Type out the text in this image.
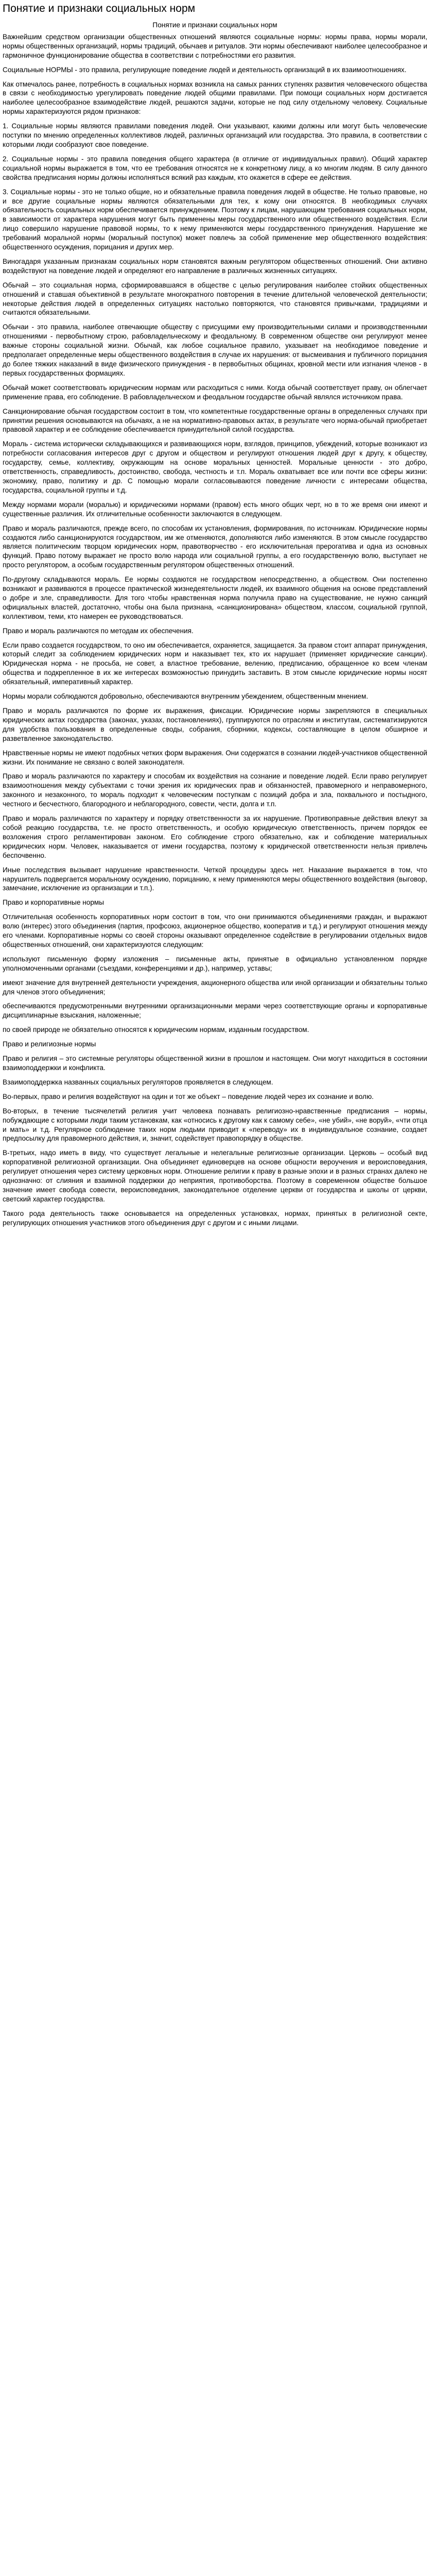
Понятие и признаки социальных норм
Понятие и признаки социальных норм

Важнейшим средством организации общественных отношений являются социальные нормы: нормы права, нормы морали, нормы общественных организаций, нормы традиций, обычаев и ритуалов. Эти нормы обеспечивают наиболее целесообразное и гармоничное функционирование общества в соответствии с потребностями его развития.

Социальные НОРМЫ - это правила, регулирующие поведение людей и деятельность организаций в их взаимоотношениях.

Как отмечалось ранее, потребность в социальных нормах возникла на самых ранних ступенях развития человеческого общества в связи с необходимостью урегулировать поведение людей общими правилами. При помощи социальных норм достигается наиболее целесообразное взаимодействие людей, решаются задачи, которые не под силу отдельному человеку. Социальные нормы характеризуются рядом признаков:

1. Социальные нормы являются правилами поведения людей. Они указывают, какими должны или могут быть человеческие поступки по мнению определенных коллективов людей, различных организаций или государства. Это правила, в соответствии с которыми люди сообразуют свое поведение.

2. Социальные нормы - это правила поведения общего характера (в отличие от индивидуальных правил). Общий характер социальной нормы выражается в том, что ее требования относятся не к конкретному лицу, а ко многим людям. В силу данного свойства предписания нормы должны исполняться всякий раз каждым, кто окажется в сфере ее действия.

3. Социальные нормы - это не только общие, но и обязательные правила поведения людей в обществе. Не только правовые, но и все другие социальные нормы являются обязательными для тех, к кому они относятся. В необходимых случаях обязательность социальных норм обеспечивается принуждением. Поэтому к лицам, нарушающим требования социальных норм, в зависимости от характера нарушения могут быть применены меры государственного или общественного воздействия. Если лицо совершило нарушение правовой нормы, то к нему применяются меры государственного принуждения. Нарушение же требований моральной нормы (моральный поступок) может повлечь за собой применение мер общественного воздействия: общественного осуждения, порицания и других мер.

Виногадаря указанным признакам социальных норм становятся важным регулятором общественных отношений. Они активно воздействуют на поведение людей и определяют его направление в различных жизненных ситуациях.

Обычай – это социальная норма, сформировавшаяся в обществе с целью регулирования наиболее стойких общественных отношений и ставшая объективной в результате многократного повторения в течение длительной человеческой деятельности; некоторые действия людей в определенных ситуациях настолько повторяются, что становятся привычками, традициями и считаются обязательными.

Обычаи - это правила, наиболее отвечающие обществу с присущими ему производительными силами и производственными отношениями - первобытному строю, рабовладельческому и феодальному. В современном обществе они регулируют менее важные стороны социальной жизни. Обычай, как любое социальное правило, указывает на необходимое поведение и предполагает определенные меры общественного воздействия в случае их нарушения: от высмеивания и публичного порицания до более тяжких наказаний в виде физического принуждения - в первобытных общинах, кровной мести или изгнания членов - в первых государственных формациях.

Обычай может соответствовать юридическим нормам или расходиться с ними. Когда обычай соответствует праву, он облегчает применение права, его соблюдение. В рабовладельческом и феодальном государстве обычай являлся источником права.

Санкционирование обычая государством состоит в том, что компетентные государственные органы в определенных случаях при принятии решения основываются на обычаях, а не на нормативно-правовых актах, в результате чего норма-обычай приобретает правовой характер и ее соблюдение обеспечивается принудительной силой государства.

Мораль - система исторически складывающихся и развивающихся норм, взглядов, принципов, убеждений, которые возникают из потребности согласования интересов друг с другом и обществом и регулируют отношения людей друг к другу, к обществу, государству, семье, коллективу, окружающим на основе моральных ценностей. Моральные ценности - это добро, ответственность, справедливость, достоинство, свобода, честность и т.п. Мораль охватывает все или почти все сферы жизни: экономику, право, политику и др. С помощью морали согласовываются поведение личности с интересами общества, государства, социальной группы и т.д.

Между нормами морали (моралью) и юридическими нормами (правом) есть много общих черт, но в то же время они имеют и существенные различия. Их отличительные особенности заключаются в следующем.

Право и мораль различаются, прежде всего, по способам их установления, формирования, по источникам. Юридические нормы создаются либо санкционируются государством, им же отменяются, дополняются либо изменяются. В этом смысле государство является политическим творцом юридических норм, правотворчество - его исключительная прерогатива и одна из основных функций. Право потому выражает не просто волю народа или социальной группы, а его государственную волю, выступает не просто регулятором, а особым государственным регулятором общественных отношений.

По-другому складываются мораль. Ее нормы создаются не государством непосредственно, а обществом. Они постепенно возникают и развиваются в процессе практической жизнедеятельности людей, их взаимного общения на основе представлений о добре и зле, справедливости. Для того чтобы нравственная норма получила право на существование, не нужно санкций официальных властей, достаточно, чтобы она была признана, «санкционирована» обществом, классом, социальной группой, коллективом, теми, кто намерен ее руководствоваться.

Право и мораль различаются по методам их обеспечения.

Если право создается государством, то оно им обеспечивается, охраняется, защищается. За правом стоит аппарат принуждения, который следит за соблюдением юридических норм и наказывает тех, кто их нарушает (применяет юридические санкции). Юридическая норма - не просьба, не совет, а властное требование, велению, предписанию, обращенное ко всем членам общества и подкрепленное в их же интересах возможностью принудить заставить. В этом смысле юридические нормы носят обязательный, императивный характер.

Нормы морали соблюдаются добровольно, обеспечиваются внутренним убеждением, общественным мнением.

Право и мораль различаются по форме их выражения, фиксации. Юридические нормы закрепляются в специальных юридических актах государства (законах, указах, постановлениях), группируются по отраслям и институтам, систематизируются для удобства пользования в определенные своды, собрания, сборники, кодексы, составляющие в целом обширное и разветвленное законодательство.

Нравственные нормы не имеют подобных четких форм выражения. Они содержатся в сознании людей-участников общественной жизни. Их понимание не связано с волей законодателя.

Право и мораль различаются по характеру и способам их воздействия на сознание и поведение людей. Если право регулирует взаимоотношения между субъектами с точки зрения их юридических прав и обязанностей, правомерного и неправомерного, законного и незаконного, то мораль подходит к человеческим поступкам с позиций добра и зла, похвального и постыдного, честного и бесчестного, благородного и неблагородного, совести, чести, долга и т.п.

Право и мораль различаются по характеру и порядку ответственности за их нарушение. Противоправные действия влекут за собой реакцию государства, т.е. не просто ответственность, и особую юридическую ответственность, причем порядок ее возложения строго регламентирован законом. Его соблюдение строго обязательно, как и соблюдение материальных юридических норм. Человек, наказывается от имени государства, поэтому к юридической ответственности нельзя привлечь беспочвенно.

Иные последствия вызывает нарушение нравственности. Четкой процедуры здесь нет. Наказание выражается в том, что нарушитель подвергается моральному осуждению, порицанию, к нему применяются меры общественного воздействия (выговор, замечание, исключение из организации и т.п.).

Право и корпоративные нормы

Отличительная особенность корпоративных норм состоит в том, что они принимаются объединениями граждан, и выражают волю (интерес) этого объединения (партия, профсоюз, акционерное общество, кооператив и т.д.) и регулируют отношения между его членами. Корпоративные нормы со своей стороны оказывают определенное содействие в регулировании отдельных видов общественных отношений, они характеризуются следующим:

используют письменную форму изложения – письменные акты, принятые в официально установленном порядке уполномоченными органами (съездами, конференциями и др.), например, уставы;

имеют значение для внутренней деятельности учреждения, акционерного общества или иной организации и обязательны только для членов этого объединения;

обеспечиваются предусмотренными внутренними организационными мерами через соответствующие органы и корпоративные дисциплинарные взыскания, наложенные;

по своей природе не обязательно относятся к юридическим нормам, изданным государством.

Право и религиозные нормы

Право и религия – это системные регуляторы общественной жизни в прошлом и настоящем. Они могут находиться в состоянии взаимоподдержки и конфликта.

Взаимоподдержка названных социальных регуляторов проявляется в следующем.

Во-первых, право и религия воздействуют на один и тот же объект – поведение людей через их сознание и волю.

Во-вторых, в течение тысячелетий религия учит человека познавать религиозно-нравственные предписания – нормы, побуждающие с которыми люди таким установкам, как «относись к другому как к самому себе», «не убий», «не воруй», «чти отца и мать» и т.д. Регулярное соблюдение таких норм людьми приводит к «переводу» их в индивидуальное сознание, создает предпосылку для правомерного действия, и, значит, содействует правопорядку в обществе.

В-третьих, надо иметь в виду, что существует легальные и нелегальные религиозные организации. Церковь – особый вид корпоративной религиозной организации. Она объединяет единоверцев на основе общности вероучения и вероисповедания, регулирует отношения через систему церковных норм. Отношение религии к праву в разные эпохи и в разных странах далеко не однозначно: от слияния и взаимной поддержки до неприятия, противоборства. Поэтому в современном обществе большое значение имеет свобода совести, вероисповедания, законодательное отделение церкви от государства и школы от церкви, светский характер государства.

Такого рода деятельность также основывается на определенных установках, нормах, принятых в религиозной секте, регулирующих отношения участников этого объединения друг с другом и с иными лицами.
